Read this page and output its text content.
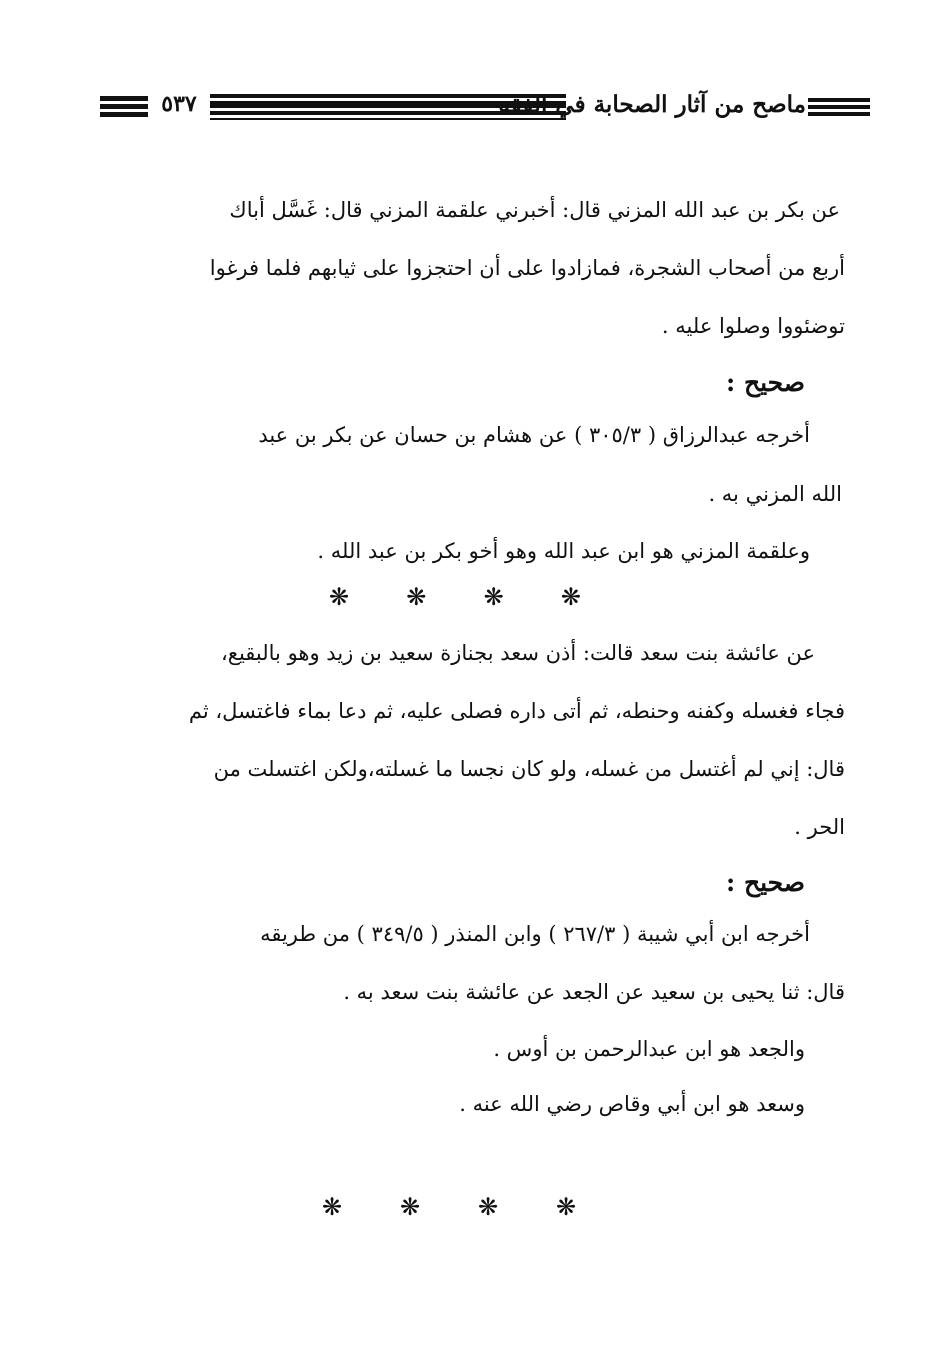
٥٣٧	ماصح من آثار الصحابة في الفقه
عن بكر بن عبد الله المزني قال: أخبرني علقمة المزني قال: غَسَّل أباك
أربع من أصحاب الشجرة، فمازادوا على أن احتجزوا على ثيابهم فلما فرغوا
توضئووا وصلوا عليه .
صحيح :
أخرجه عبدالرزاق ( ٣٠٥/٣ ) عن هشام بن حسان عن بكر بن عبد
الله المزني به .
وعلقمة المزني هو ابن عبد الله وهو أخو بكر بن عبد الله .
❋ ❋ ❋ ❋
عن عائشة بنت سعد قالت: أذن سعد بجنازة سعيد بن زيد وهو بالبقيع،
فجاء فغسله وكفنه وحنطه، ثم أتى داره فصلى عليه، ثم دعا بماء فاغتسل، ثم
قال: إني لم أغتسل من غسله، ولو كان نجسا ما غسلته،ولكن اغتسلت من
الحر .
صحيح :
أخرجه ابن أبي شيبة ( ٢٦٧/٣ ) وابن المنذر ( ٣٤٩/٥ ) من طريقه
قال: ثنا يحيى بن سعيد عن الجعد عن عائشة بنت سعد به .
والجعد هو ابن عبدالرحمن بن أوس .
وسعد هو ابن أبي وقاص رضي الله عنه .
❋ ❋ ❋ ❋
